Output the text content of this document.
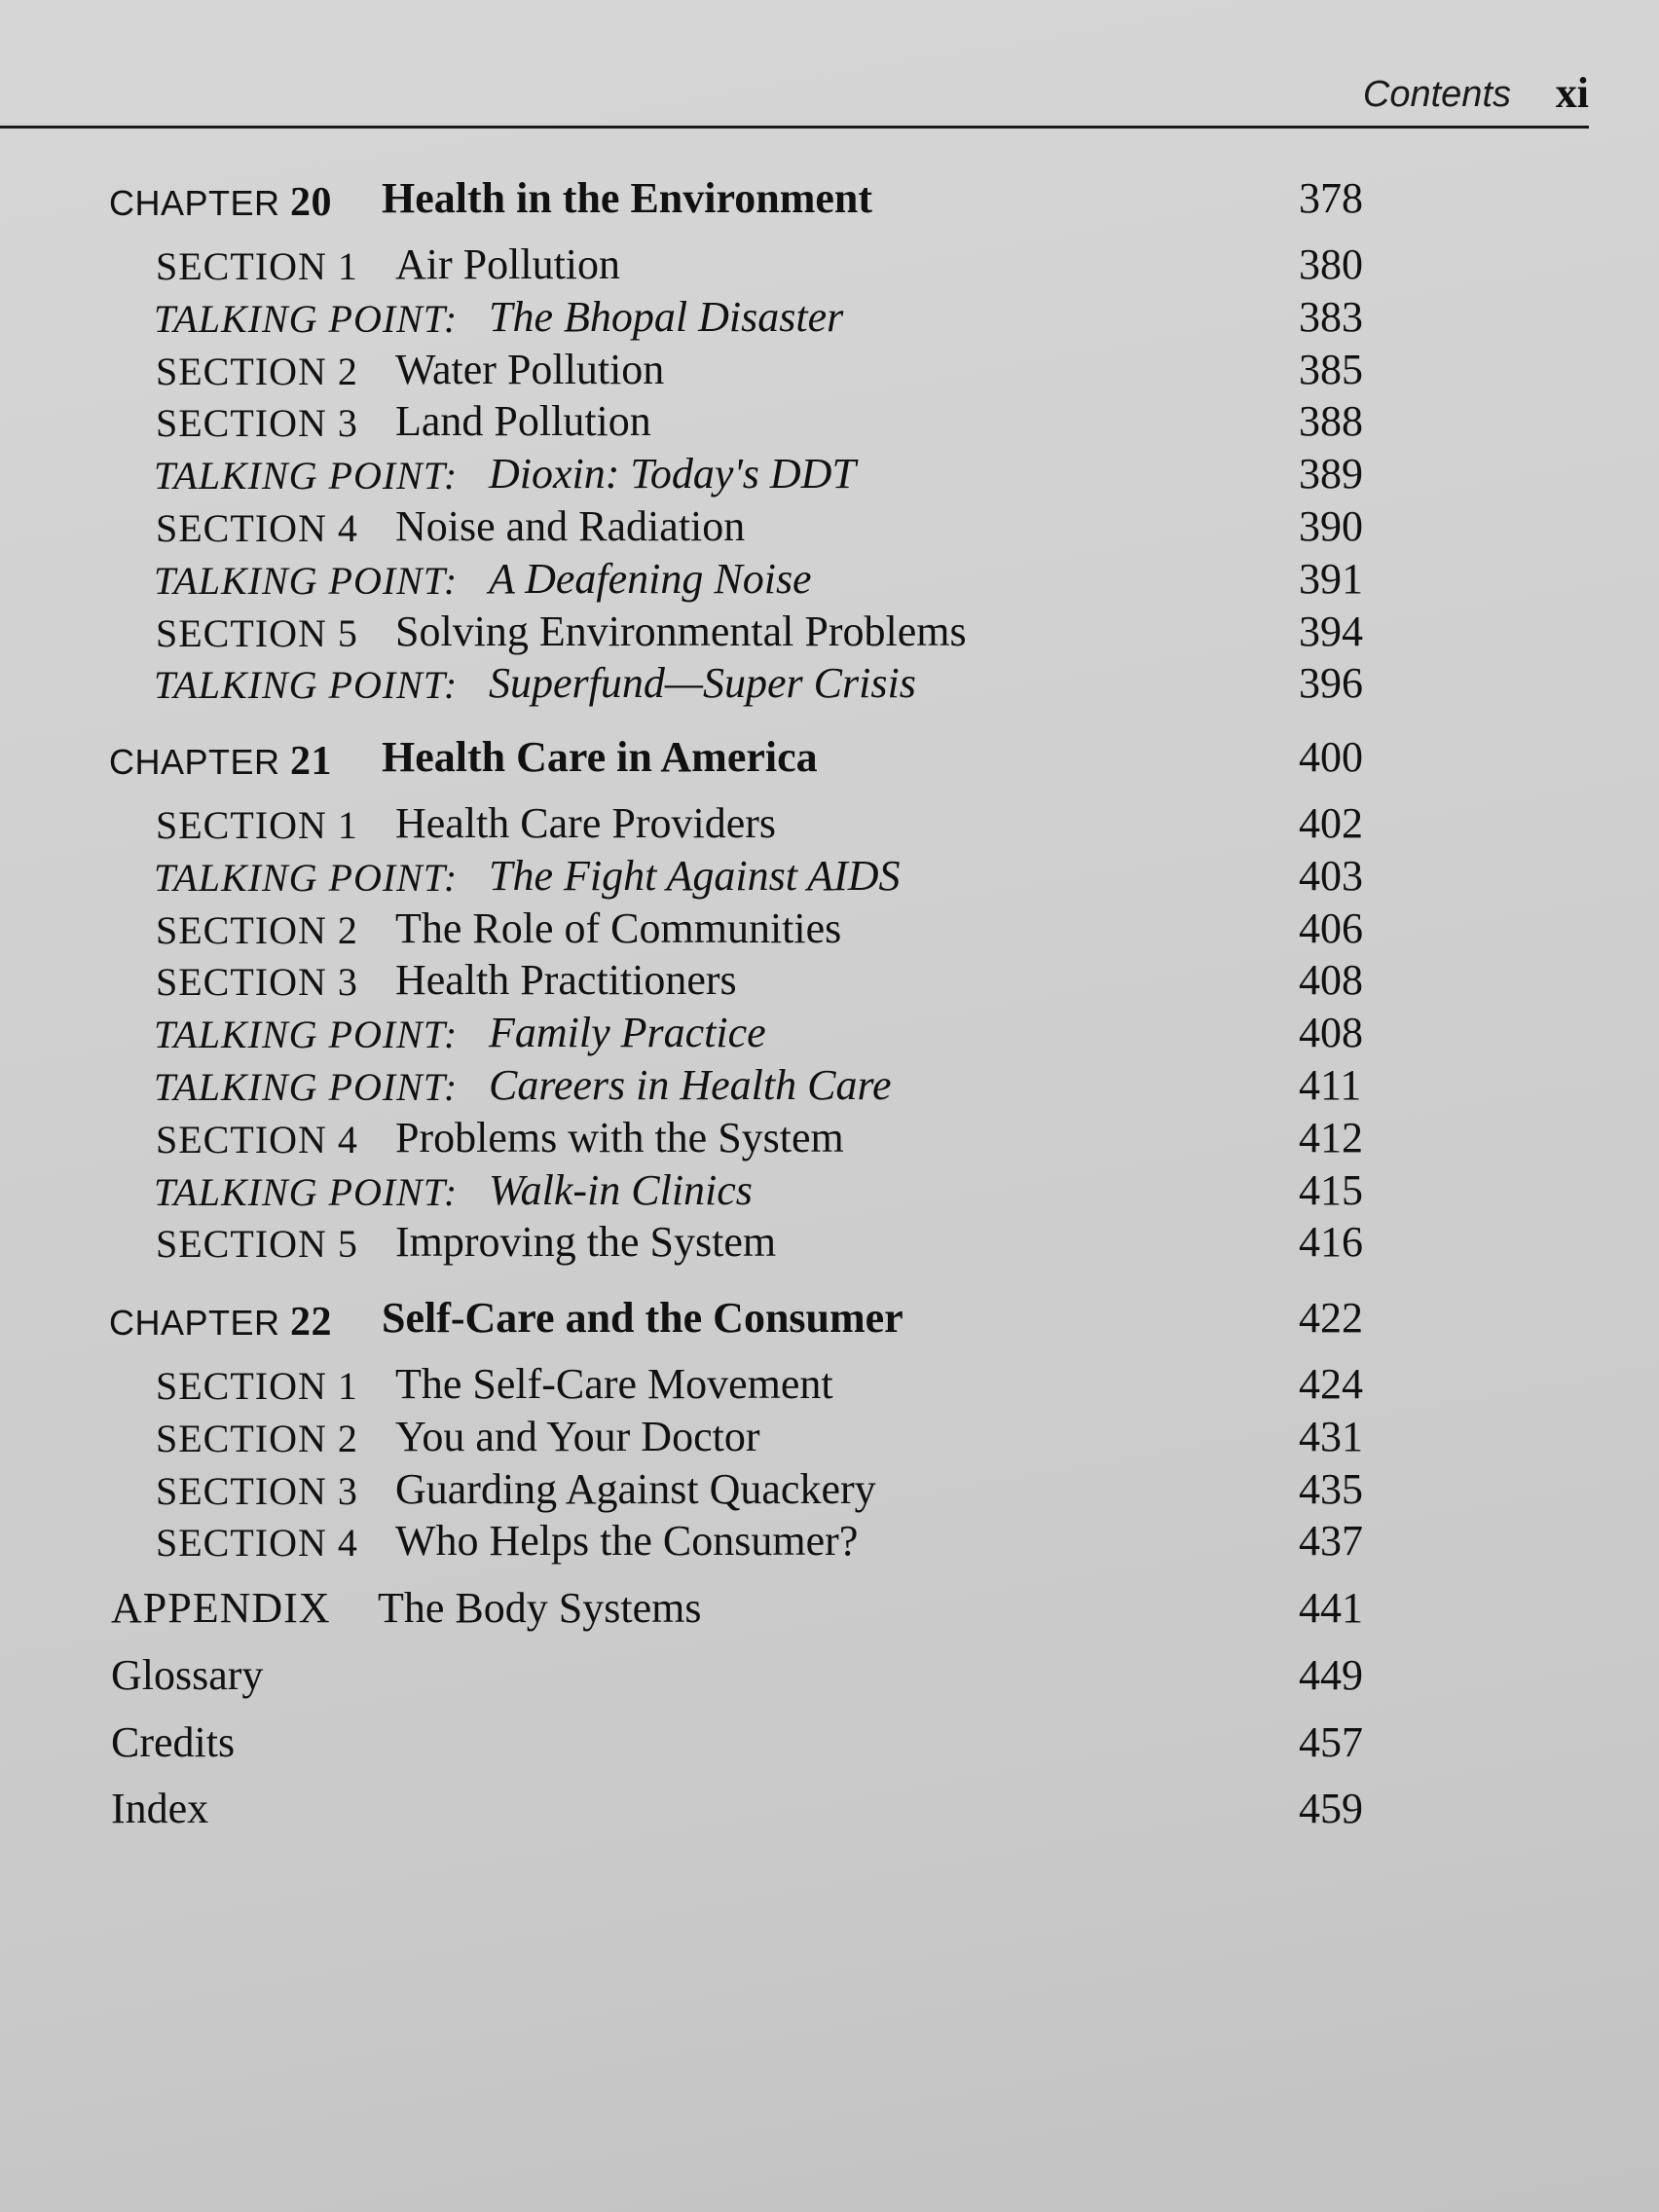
Contents xi
CHAPTER 20 Health in the Environment	378
SECTION 1 Air Pollution	380
TALKING POINT: The Bhopal Disaster	383
SECTION 2 Water Pollution	385
SECTION 3 Land Pollution	388
TALKING POINT: Dioxin: Today's DDT	389
SECTION 4 Noise and Radiation	390
TALKING POINT: A Deafening Noise	391
SECTION 5 Solving Environmental Problems	394
TALKING POINT: Superfund—Super Crisis	396
CHAPTER 21 Health Care in America	400
SECTION 1 Health Care Providers	402
TALKING POINT: The Fight Against AIDS	403
SECTION 2 The Role of Communities	406
SECTION 3 Health Practitioners	408
TALKING POINT: Family Practice	408
TALKING POINT: Careers in Health Care	411
SECTION 4 Problems with the System	412
TALKING POINT: Walk-in Clinics	415
SECTION 5 Improving the System	416
CHAPTER 22 Self-Care and the Consumer	422
SECTION 1 The Self-Care Movement	424
SECTION 2 You and Your Doctor	431
SECTION 3 Guarding Against Quackery	435
SECTION 4 Who Helps the Consumer?	437
APPENDIX The Body Systems	441
Glossary	449
Credits	457
Index	459
